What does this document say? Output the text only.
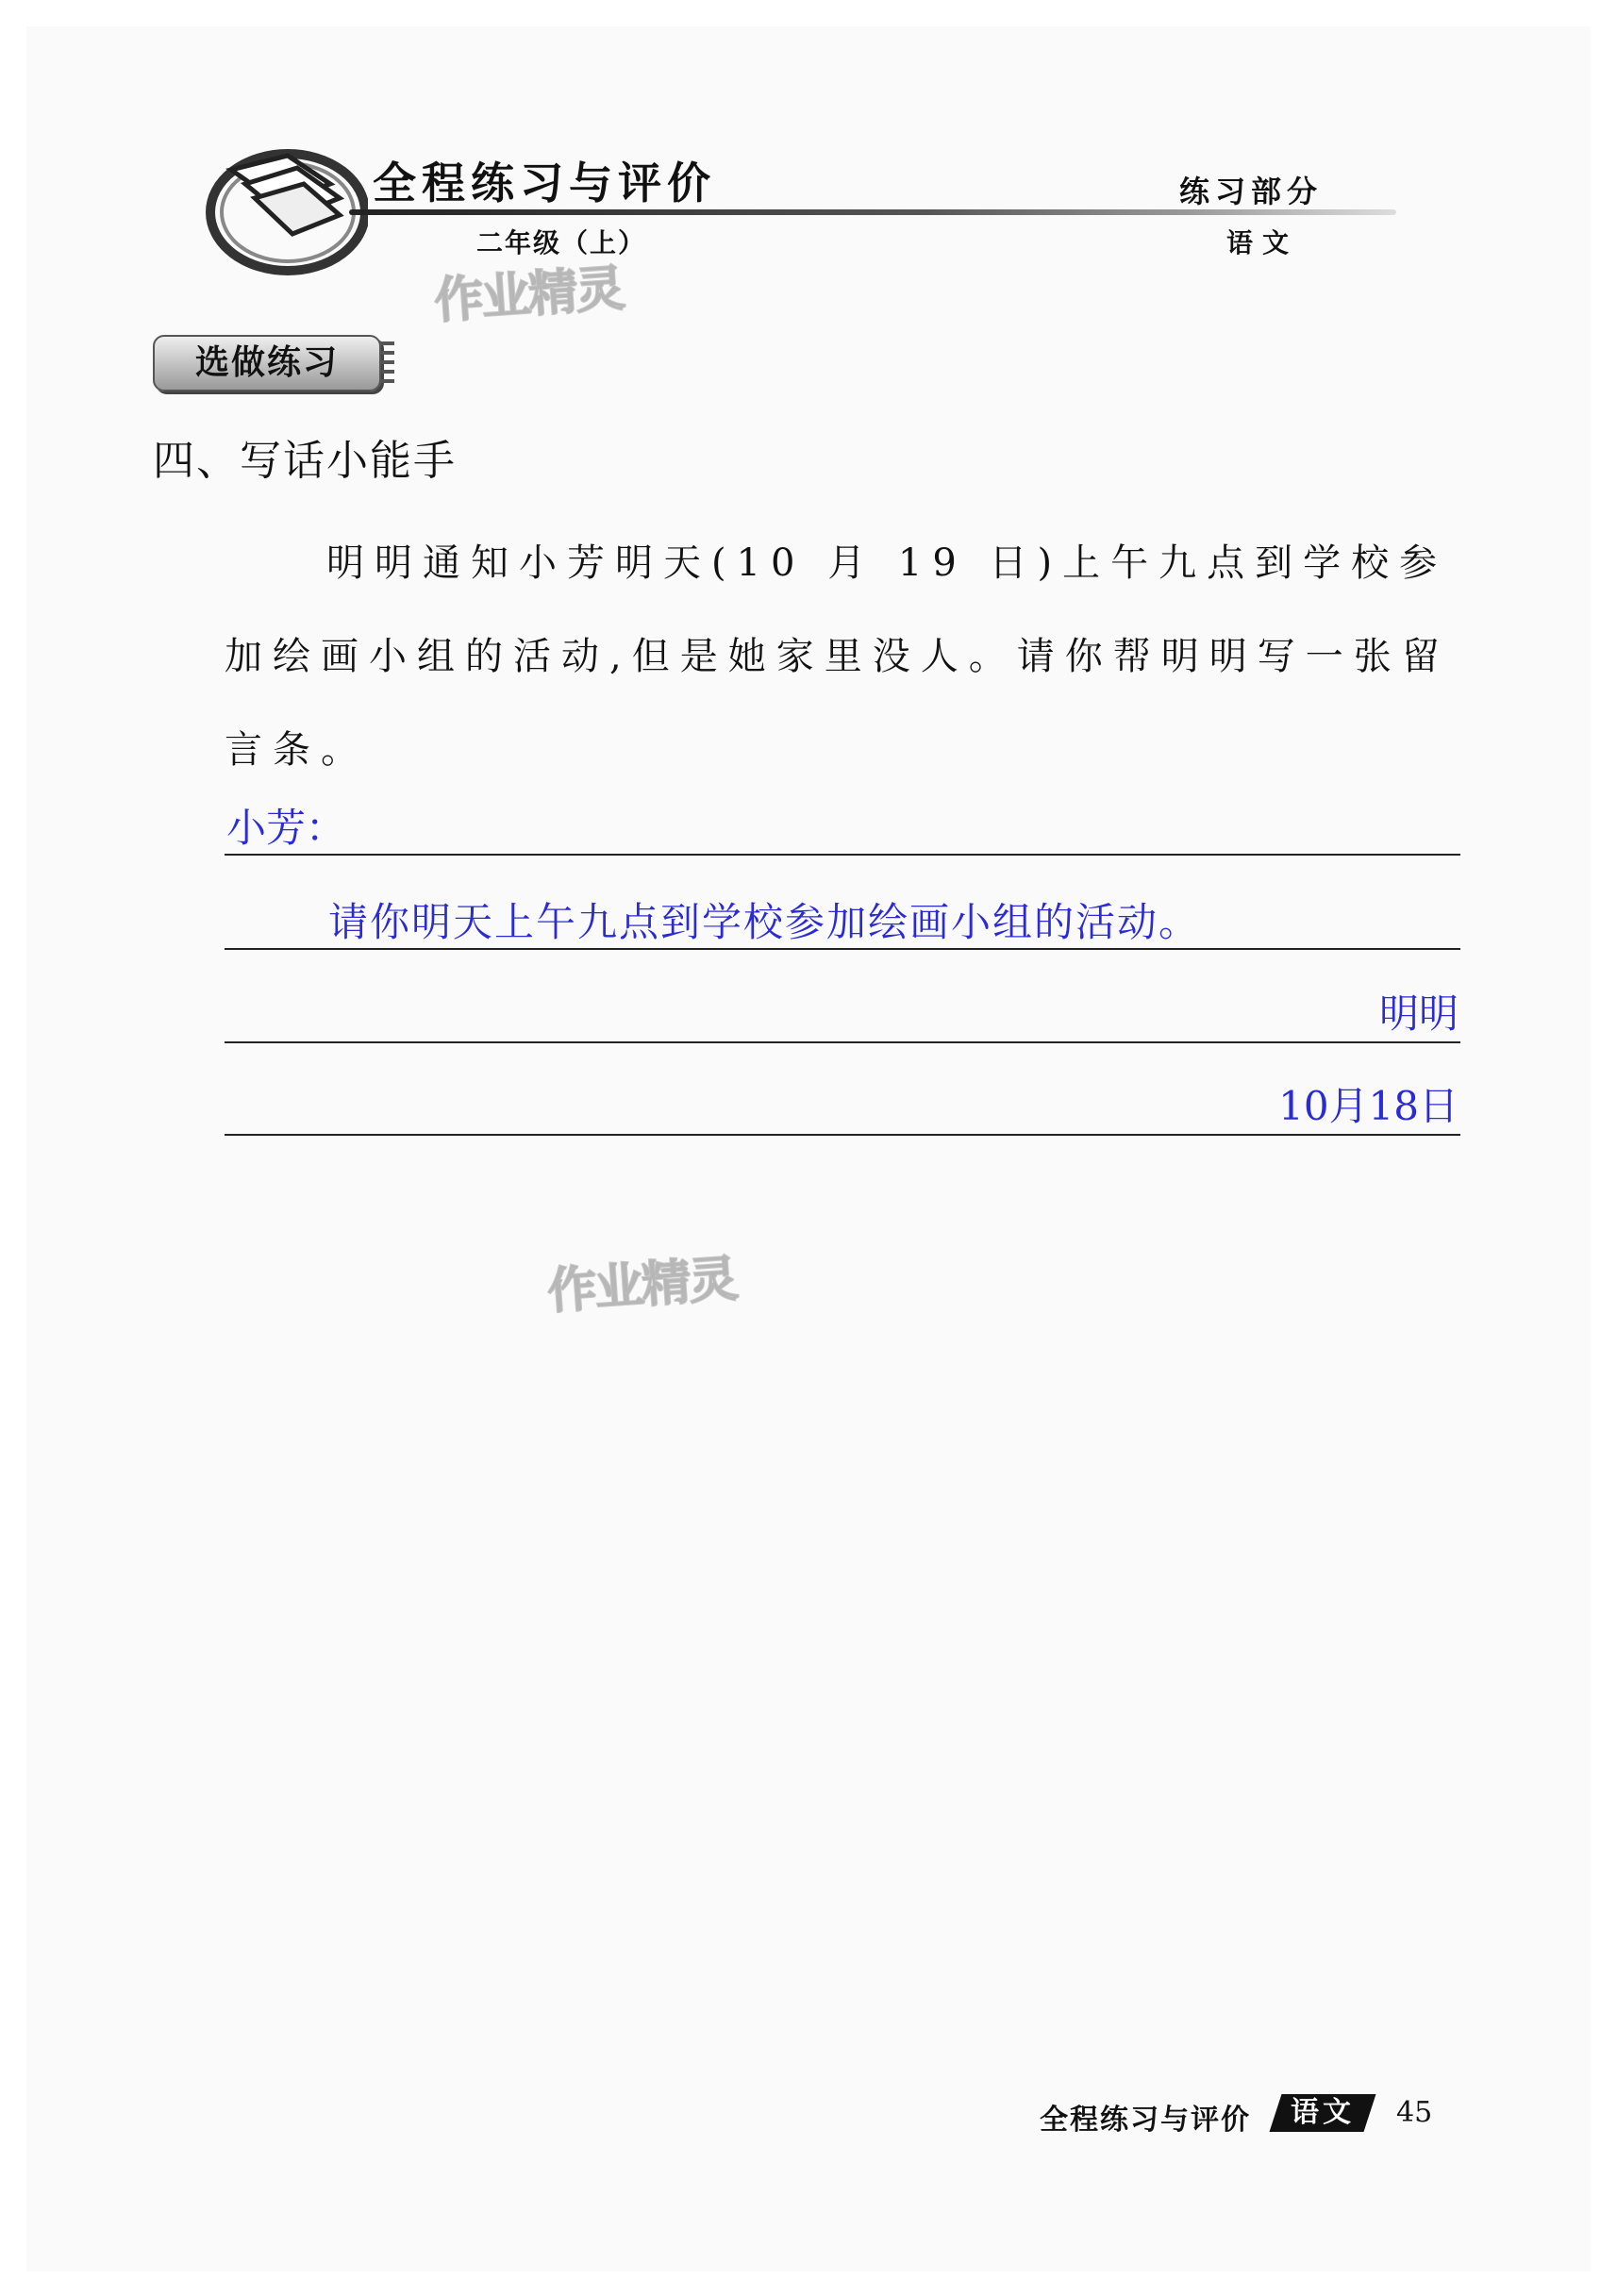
全程练习与评价
二年级（上）
练习部分
语文
作业精灵
选做练习
四、写话小能手
明明通知小芳明天(10 月 19 日)上午九点到学校参加绘画小组的活动,但是她家里没人。请你帮明明写一张留言条。
小芳：
请你明天上午九点到学校参加绘画小组的活动。
明明
10月18日
作业精灵
全程练习与评价	语文	45
